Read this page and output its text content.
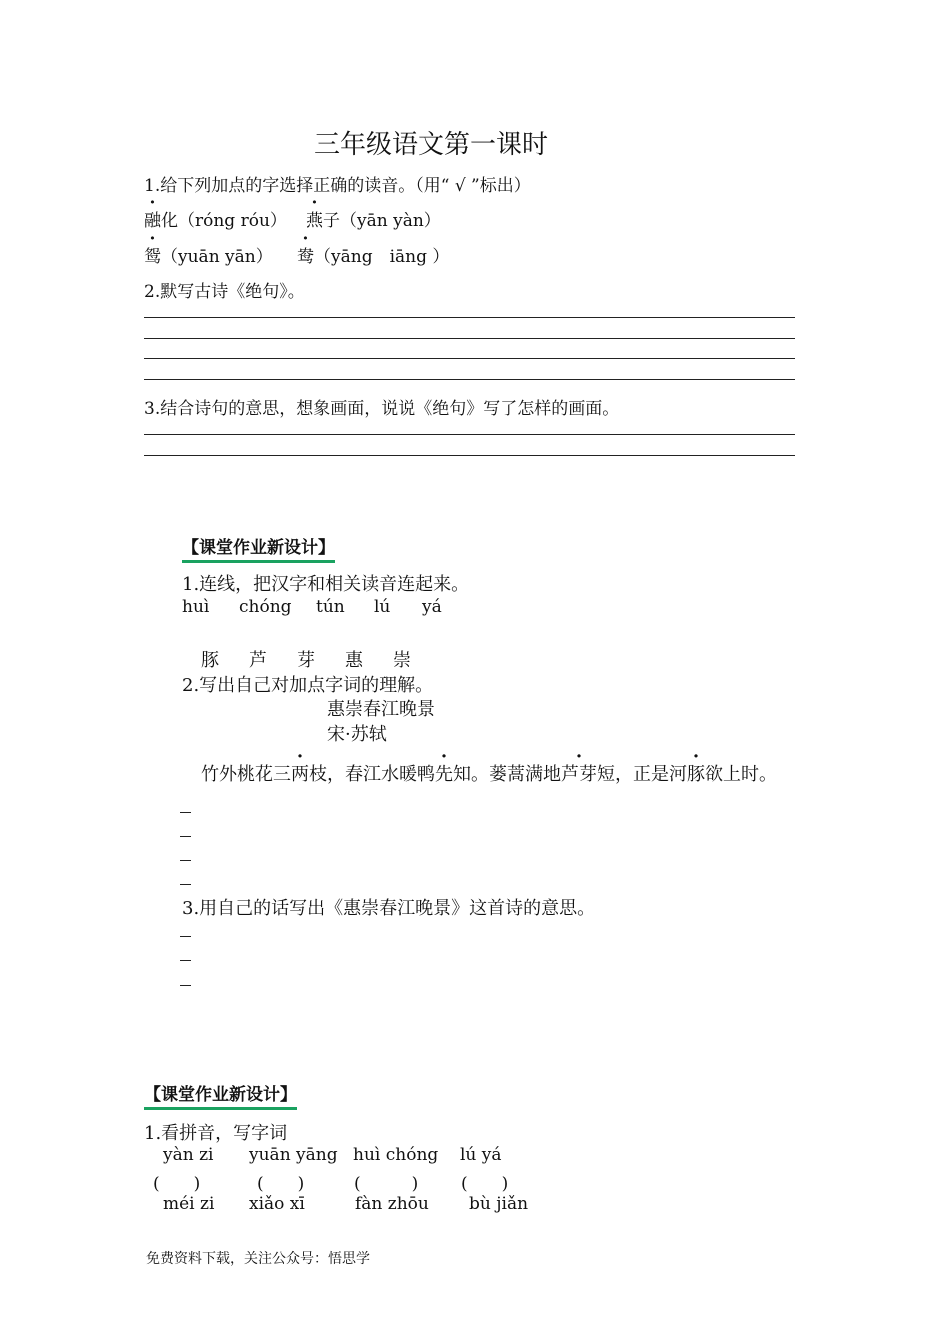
三年级语文第一课时
1.给下列加点的字选择正确的读音。（用“ √ ”标出）
融化（róng róu） 燕子（yān yàn）
鸳（yuān yān） 鸯（yāng　iāng ）
2.默写古诗《绝句》。
3.结合诗句的意思，想象画面，说说《绝句》写了怎样的画面。
【课堂作业新设计】
1.连线，把汉字和相关读音连起来。
huì chóng tún lú yá
豚 芦 芽 惠 崇
2.写出自己对加点字词的理解。
惠崇春江晚景
宋·苏轼
竹外桃花三两枝，春江水暖鸭先知。蒌蒿满地芦芽短，正是河豚欲上时。
3.用自己的话写出《惠崇春江晚景》这首诗的意思。
【课堂作业新设计】
1.看拼音，写字词
yàn zi yuān yāng huì chóng lú yá
(　　)	(　　)	(　　　)	(　　)
méi zi xiǎo xī	fàn zhōu bù jiǎn
免费资料下载，关注公众号：悟思学
